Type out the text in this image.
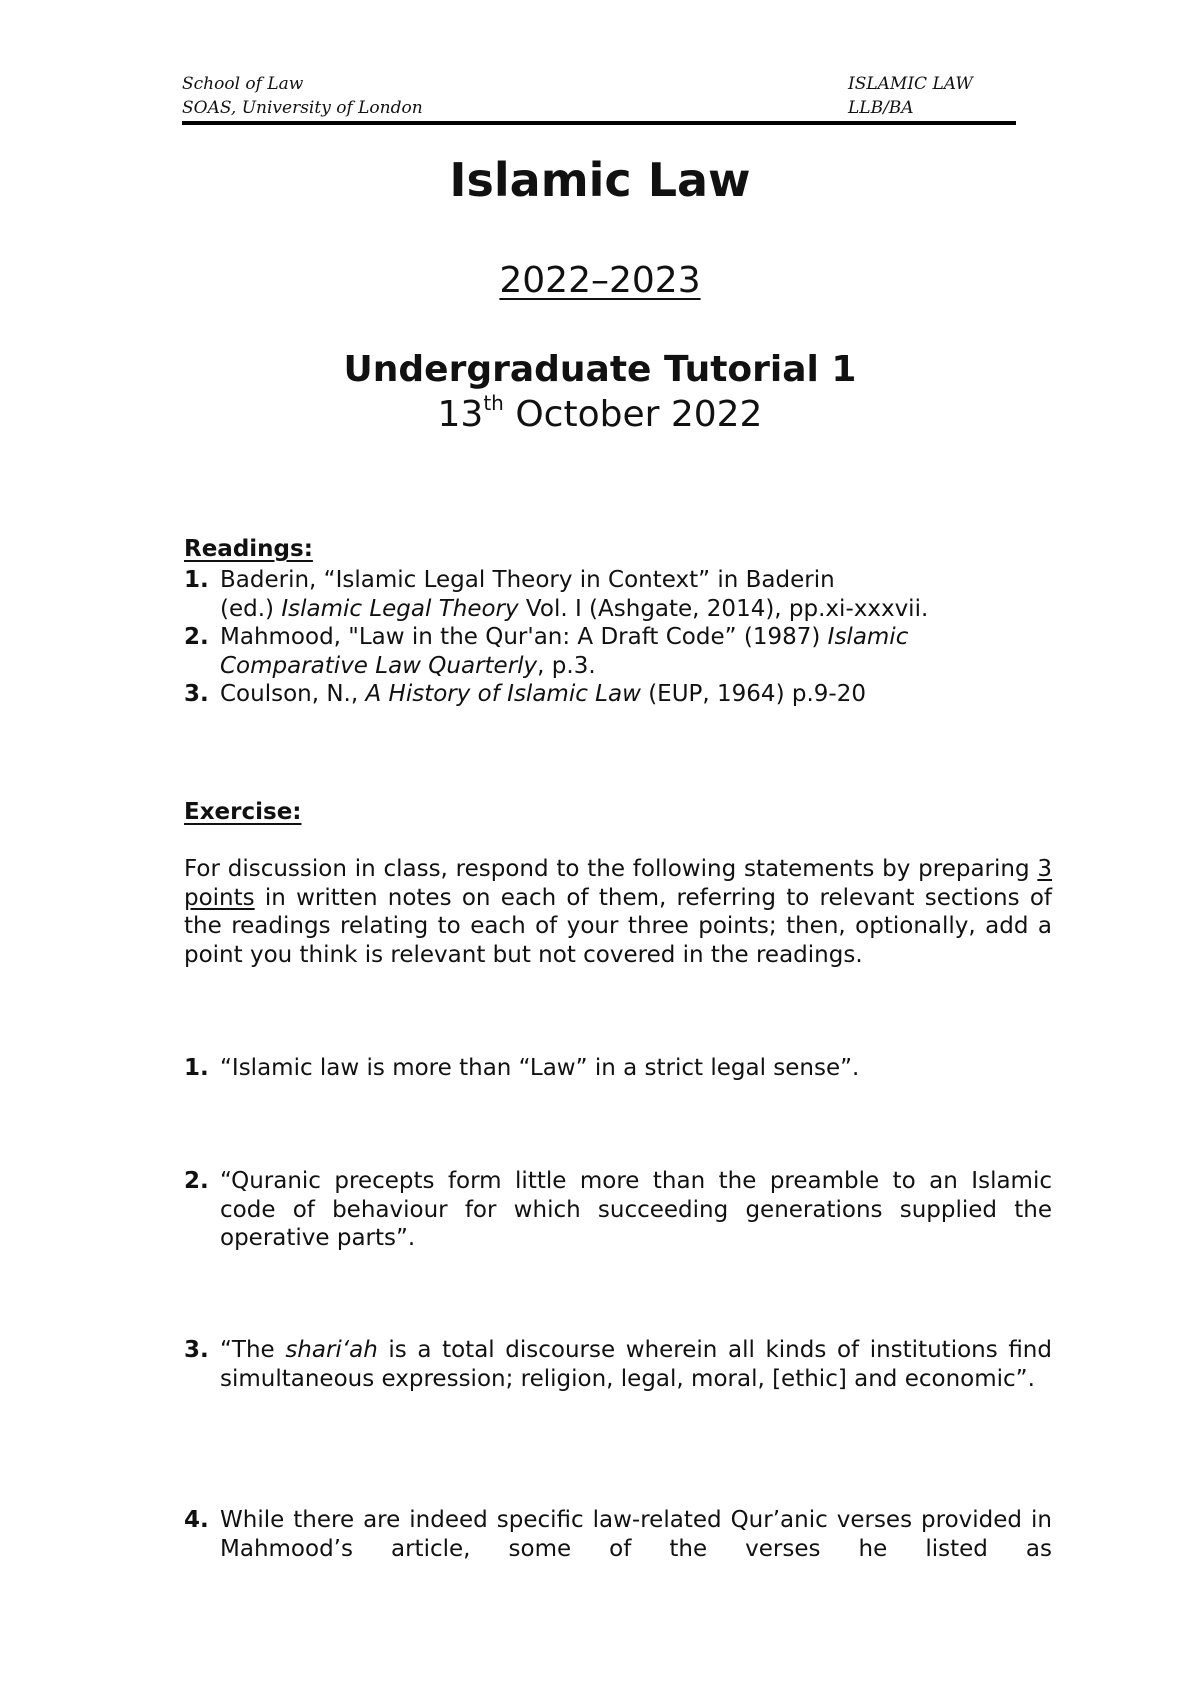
School of Law
SOAS, University of London
ISLAMIC LAW
LLB/BA
Islamic Law
2022–2023
Undergraduate Tutorial 1
13th October 2022
Readings:
1. Baderin, “Islamic Legal Theory in Context” in Baderin
(ed.) Islamic Legal Theory Vol. I (Ashgate, 2014), pp.xi-xxxvii.
2. Mahmood, "Law in the Qur'an: A Draft Code” (1987) Islamic
Comparative Law Quarterly, p.3.
3. Coulson, N., A History of Islamic Law (EUP, 1964) p.9-20
Exercise:
For discussion in class, respond to the following statements by preparing 3 points in written notes on each of them, referring to relevant sections of the readings relating to each of your three points; then, optionally, add a point you think is relevant but not covered in the readings.
1. “Islamic law is more than “Law” in a strict legal sense”.
2. “Quranic precepts form little more than the preamble to an Islamic code of behaviour for which succeeding generations supplied the operative parts”.
3. “The shari‘ah is a total discourse wherein all kinds of institutions find simultaneous expression; religion, legal, moral, [ethic] and economic”.
4. While there are indeed specific law-related Qur’anic verses provided in Mahmood’s article, some of the verses he listed as
